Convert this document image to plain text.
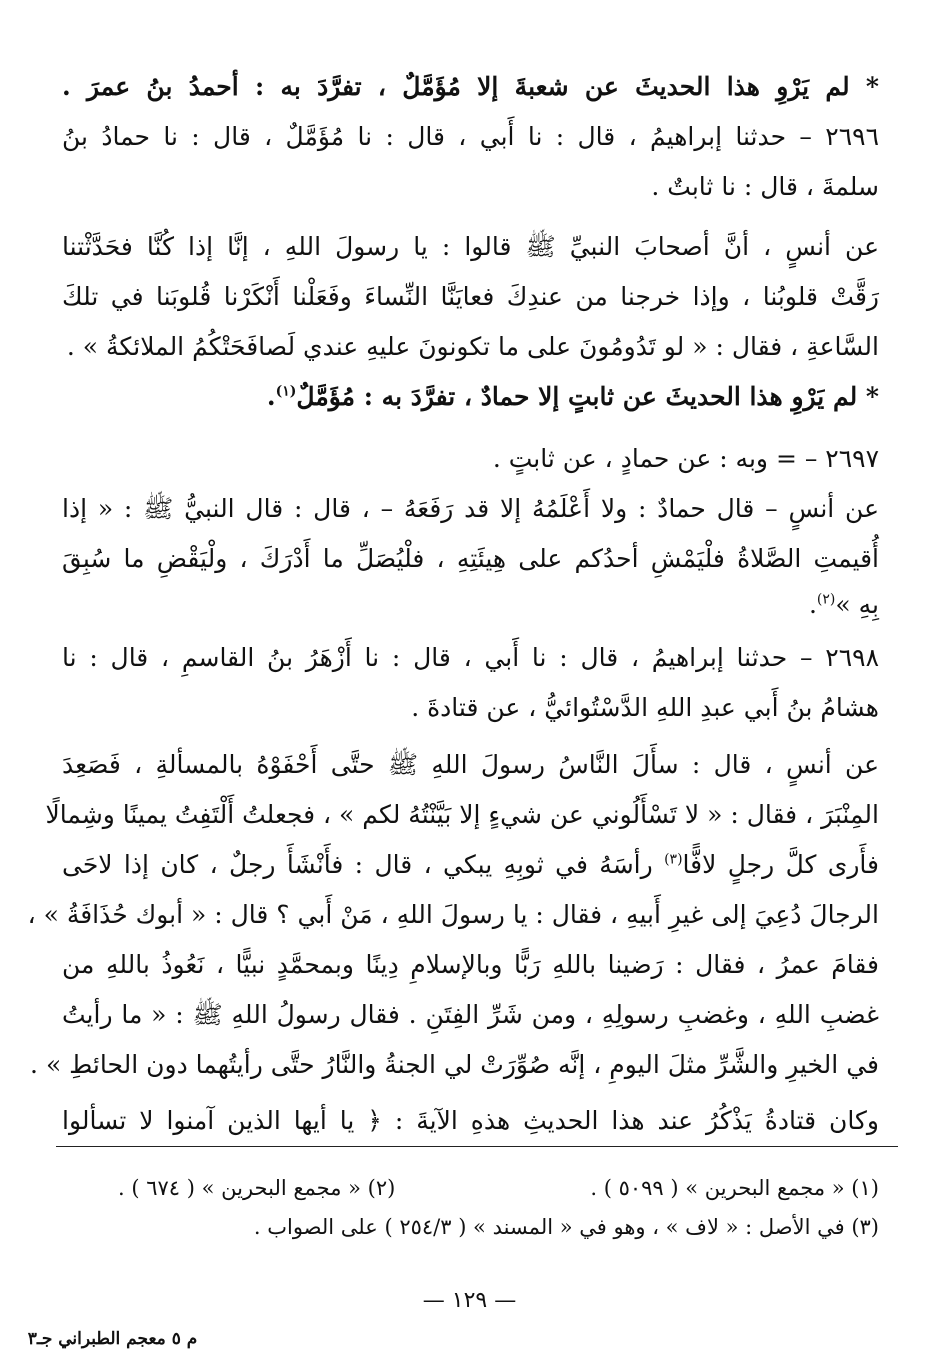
* لم يَرْوِ هذا الحديثَ عن شعبةَ إلا مُؤَمَّلٌ ، تفرَّدَ به : أحمدُ بنُ عمرَ .
٢٦٩٦ – حدثنا إبراهيمُ ، قال : نا أَبي ، قال : نا مُؤَمَّلٌ ، قال : نا حمادُ بنُ
سلمةَ ، قال : نا ثابتٌ .
عن أنسٍ ، أنَّ أصحابَ النبيِّ ﷺ قالوا : يا رسولَ اللهِ ، إنَّا إذا كُنَّا فحَدَّثْتنا
رَقَّتْ قلوبُنا ، وإذا خرجنا من عندِكَ فعايَنَّا النِّساءَ وفَعَلْنا أَنْكَرْنا قُلوبَنا في تلكَ
السَّاعةِ ، فقال : « لو تَدُومُونَ على ما تكونونَ عليهِ عندي لَصافَحَتْكُمُ الملائكةُ » .
* لم يَرْوِ هذا الحديثَ عن ثابتٍ إلا حمادٌ ، تفرَّدَ به : مُؤَمَّلٌ$^{(١)}$.
٢٦٩٧ – = وبه : عن حمادٍ ، عن ثابتٍ .
عن أنسٍ – قال حمادٌ : ولا أَعْلَمُهُ إلا قد رَفَعَهُ – ، قال : قال النبيُّ ﷺ : « إذا
أُقيمتِ الصَّلاةُ فلْيَمْشِ أحدُكم على هِيئَتِهِ ، فلْيُصَلِّ ما أَدْرَكَ ، ولْيَقْضِ ما سُبِقَ
بِهِ »$^{(٢)}$.
٢٦٩٨ – حدثنا إبراهيمُ ، قال : نا أَبي ، قال : نا أَزْهَرُ بنُ القاسمِ ، قال : نا
هشامُ بنُ أَبي عبدِ اللهِ الدَّسْتُوائيُّ ، عن قتادةَ .
عن أنسٍ ، قال : سأَلَ النَّاسُ رسولَ اللهِ ﷺ حتَّى أَحْفَوْهُ بالمسألةِ ، فَصَعِدَ
المِنْبَرَ ، فقال : « لا تَسْأَلُوني عن شيءٍ إلا بَيَّنْتُهُ لكم » ، فجعلتُ أَلْتَفِتُ يمينًا وشِمالًا
فأَرى كلَّ رجلٍ لافًّا$^{(٣)}$ رأسَهُ في ثوبِهِ يبكي ، قال : فأَنْشَأَ رجلٌ ، كان إذا لاحَى
الرجالَ دُعِيَ إلى غيرِ أَبيهِ ، فقال : يا رسولَ اللهِ ، مَنْ أَبي ؟ قال : « أبوك حُذَافَةُ » ،
فقامَ عمرُ ، فقال : رَضينا باللهِ رَبًّا وبالإسلامِ دِينًا وبمحمَّدٍ نبيًّا ، نَعُوذُ باللهِ من
غضبِ اللهِ ، وغضبِ رسولِهِ ، ومن شَرِّ الفِتَنِ . فقال رسولُ اللهِ ﷺ : « ما رأيتُ
في الخيرِ والشَّرِّ مثلَ اليومِ ، إنَّه صُوِّرَتْ لي الجنةُ والنَّارُ حتَّى رأيتُهما دون الحائطِ » .
وكان قتادةُ يَذْكُرُ عند هذا الحديثِ هذهِ الآيةَ : ﴿ يا أيها الذين آمنوا لا تسألوا
(١) « مجمع البحرين » ( ٥٠٩٩ ) .
(٢) « مجمع البحرين » ( ٦٧٤ ) .
(٣) في الأصل : « لاف » ، وهو في « المسند » ( ٢٥٤/٣ ) على الصواب .
— ١٢٩ —
م ٥ معجم الطبراني جـ٣
